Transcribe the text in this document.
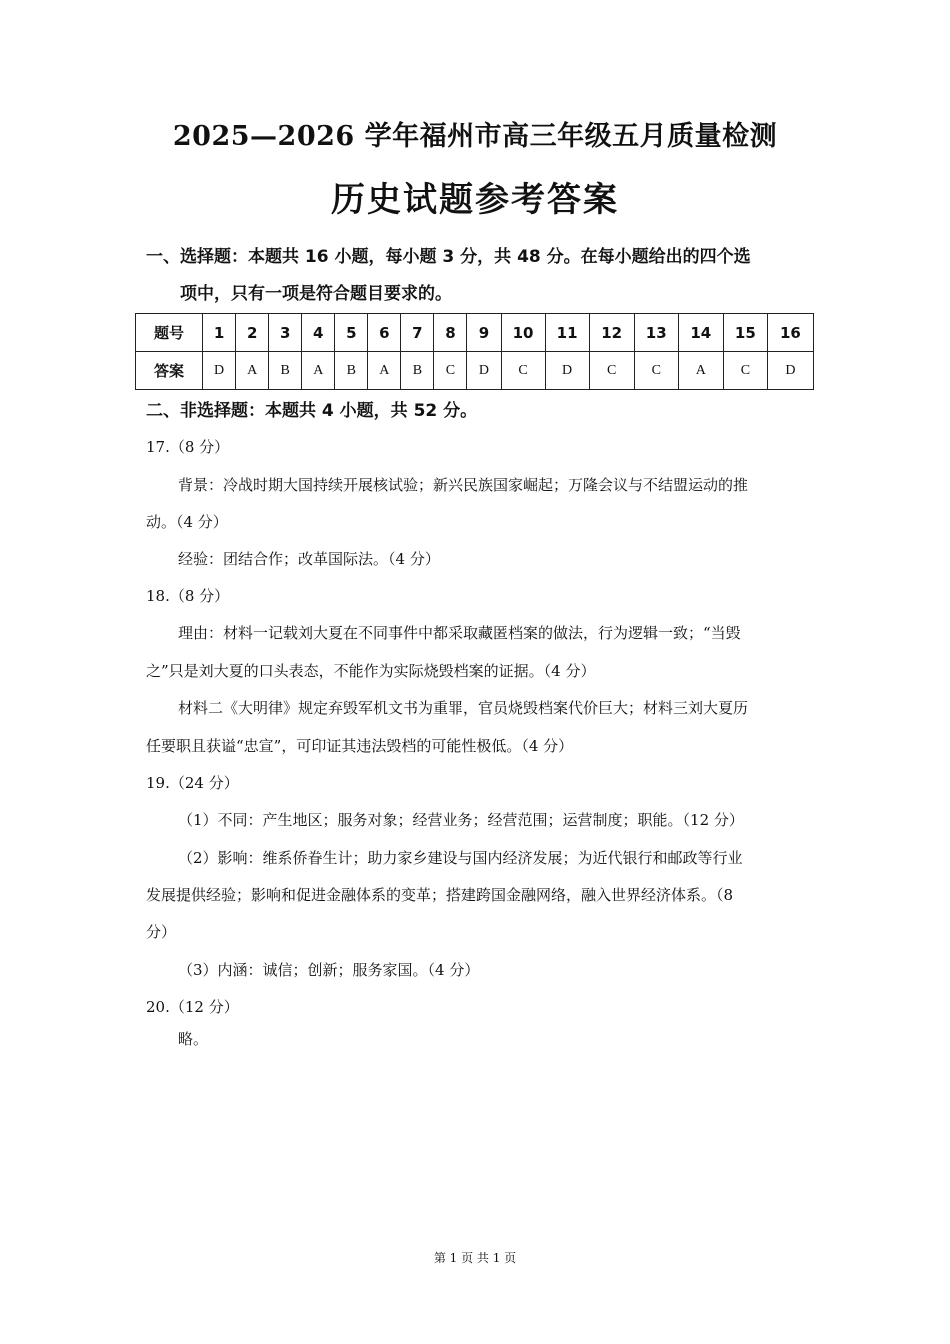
2025—2026 学年福州市高三年级五月质量检测
历史试题参考答案
一、选择题：本题共 16 小题，每小题 3 分，共 48 分。在每小题给出的四个选
项中，只有一项是符合题目要求的。
题号	1	2	3	4	5	6	7	8	9	10	11	12	13	14	15	16
答案	D	A	B	A	B	A	B	C	D	C	D	C	C	A	C	D
二、非选择题：本题共 4 小题，共 52 分。
17.（8 分）
背景：冷战时期大国持续开展核试验；新兴民族国家崛起；万隆会议与不结盟运动的推
动。（4 分）
经验：团结合作；改革国际法。（4 分）
18.（8 分）
理由：材料一记载刘大夏在不同事件中都采取藏匿档案的做法，行为逻辑一致；“当毁
之”只是刘大夏的口头表态，不能作为实际烧毁档案的证据。（4 分）
材料二《大明律》规定弃毁军机文书为重罪，官员烧毁档案代价巨大；材料三刘大夏历
任要职且获谥“忠宣”，可印证其违法毁档的可能性极低。（4 分）
19.（24 分）
（1）不同：产生地区；服务对象；经营业务；经营范围；运营制度；职能。（12 分）
（2）影响：维系侨眷生计；助力家乡建设与国内经济发展；为近代银行和邮政等行业
发展提供经验；影响和促进金融体系的变革；搭建跨国金融网络，融入世界经济体系。（8
分）
（3）内涵：诚信；创新；服务家国。（4 分）
20.（12 分）
略。
第 1 页 共 1 页
